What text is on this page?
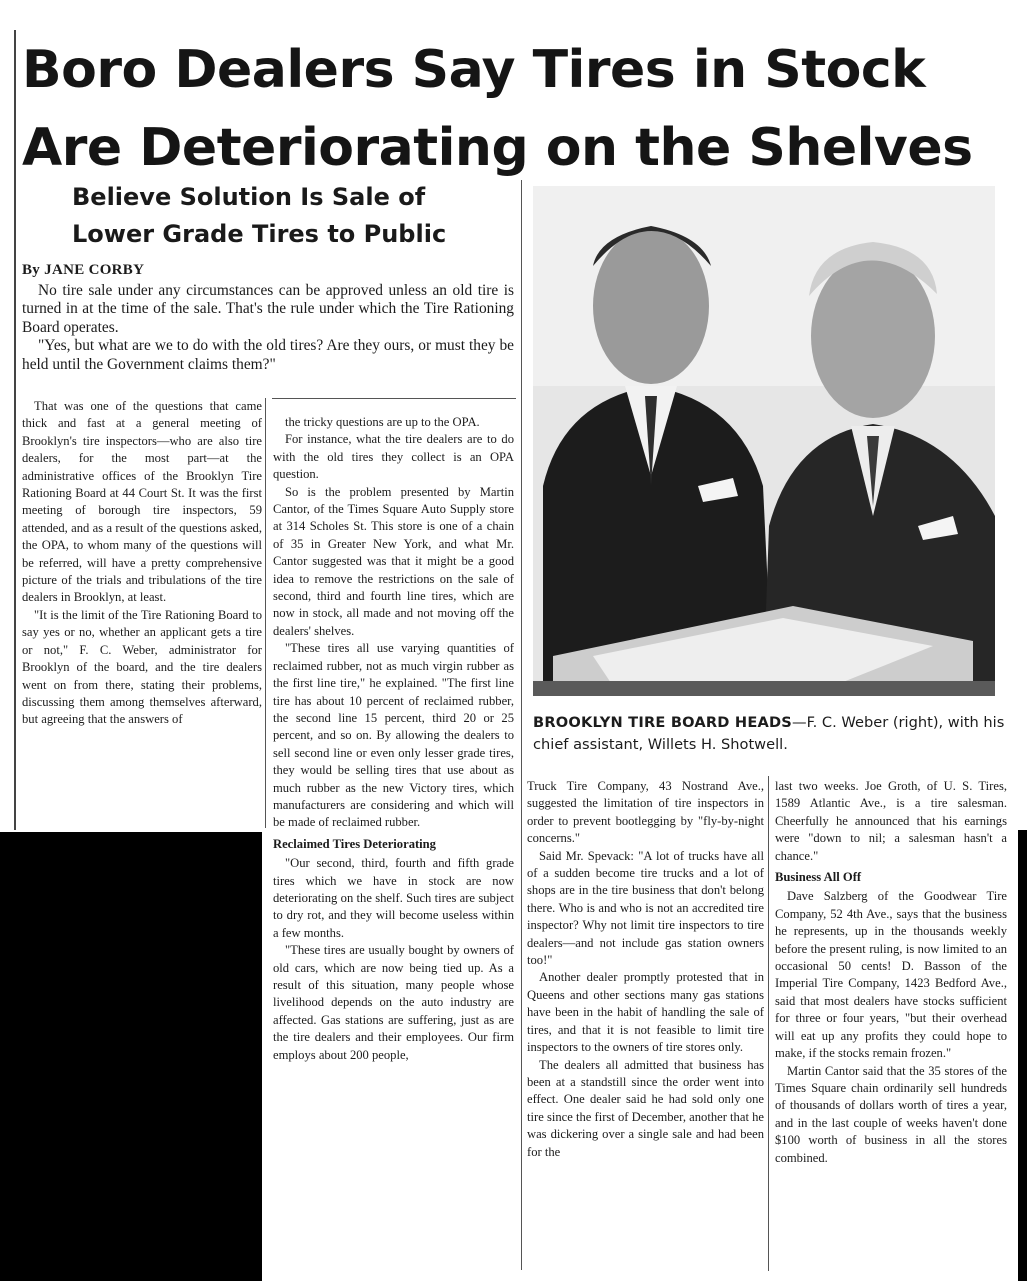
Boro Dealers Say Tires in Stock
Are Deteriorating on the Shelves
Believe Solution Is Sale of
Lower Grade Tires to Public
By JANE CORBY

No tire sale under any circumstances can be approved unless an old tire is turned in at the time of the sale. That's the rule under which the Tire Rationing Board operates.

"Yes, but what are we to do with the old tires? Are they ours, or must they be held until the Government claims them?"

That was one of the questions that came thick and fast at a general meeting of Brooklyn's tire inspectors—who are also tire dealers, for the most part—at the administrative offices of the Brooklyn Tire Rationing Board at 44 Court St. It was the first meeting of borough tire inspectors, 59 attended, and as a result of the questions asked, the OPA, to whom many of the questions will be referred, will have a pretty comprehensive picture of the trials and tribulations of the tire dealers in Brooklyn, at least.

"It is the limit of the Tire Rationing Board to say yes or no, whether an applicant gets a tire or not," F. C. Weber, administrator for Brooklyn of the board, and the tire dealers went on from there, stating their problems, discussing them among themselves afterward, but agreeing that the answers of

the tricky questions are up to the OPA.

For instance, what the tire dealers are to do with the old tires they collect is an OPA question.

So is the problem presented by Martin Cantor, of the Times Square Auto Supply store at 314 Scholes St. This store is one of a chain of 35 in Greater New York, and what Mr. Cantor suggested was that it might be a good idea to remove the restrictions on the sale of second, third and fourth line tires, which are now in stock, all made and not moving off the dealers' shelves.

"These tires all use varying quantities of reclaimed rubber, not as much virgin rubber as the first line tire," he explained. "The first line tire has about 10 percent of reclaimed rubber, the second line 15 percent, third 20 or 25 percent, and so on. By allowing the dealers to sell second line or even only lesser grade tires, they would be selling tires that use about as much rubber as the new Victory tires, which manufacturers are considering and which will be made of reclaimed rubber.

Reclaimed Tires Deteriorating

"Our second, third, fourth and fifth grade tires which we have in stock are now deteriorating on the shelf. Such tires are subject to dry rot, and they will become useless within a few months.

"These tires are usually bought by owners of old cars, which are now being tied up. As a result of this situation, many people whose livelihood depends on the auto industry are affected. Gas stations are suffering, just as are the tire dealers and their employees. Our firm employs about 200 people,

BROOKLYN TIRE BOARD HEADS—F. C. Weber (right), with his chief assistant, Willets H. Shotwell.

Truck Tire Company, 43 Nostrand Ave., suggested the limitation of tire inspectors in order to prevent bootlegging by "fly-by-night concerns."

Said Mr. Spevack: "A lot of trucks have all of a sudden become tire trucks and a lot of shops are in the tire business that don't belong there. Who is and who is not an accredited tire inspector? Why not limit tire inspectors to tire dealers—and not include gas station owners too!"

Another dealer promptly protested that in Queens and other sections many gas stations have been in the habit of handling the sale of tires, and that it is not feasible to limit tire inspectors to the owners of tire stores only.

The dealers all admitted that business has been at a standstill since the order went into effect. One dealer said he had sold only one tire since the first of December, another that he was dickering over a single sale and had been for the

last two weeks. Joe Groth, of U. S. Tires, 1589 Atlantic Ave., is a tire salesman. Cheerfully he announced that his earnings were "down to nil; a salesman hasn't a chance."

Business All Off

Dave Salzberg of the Goodwear Tire Company, 52 4th Ave., says that the business he represents, up in the thousands weekly before the present ruling, is now limited to an occasional 50 cents! D. Basson of the Imperial Tire Company, 1423 Bedford Ave., said that most dealers have stocks sufficient for three or four years, "but their overhead will eat up any profits they could hope to make, if the stocks remain frozen."

Martin Cantor said that the 35 stores of the Times Square chain ordinarily sell hundreds of thousands of dollars worth of tires a year, and in the last couple of weeks haven't done $100 worth of business in all the stores combined.
